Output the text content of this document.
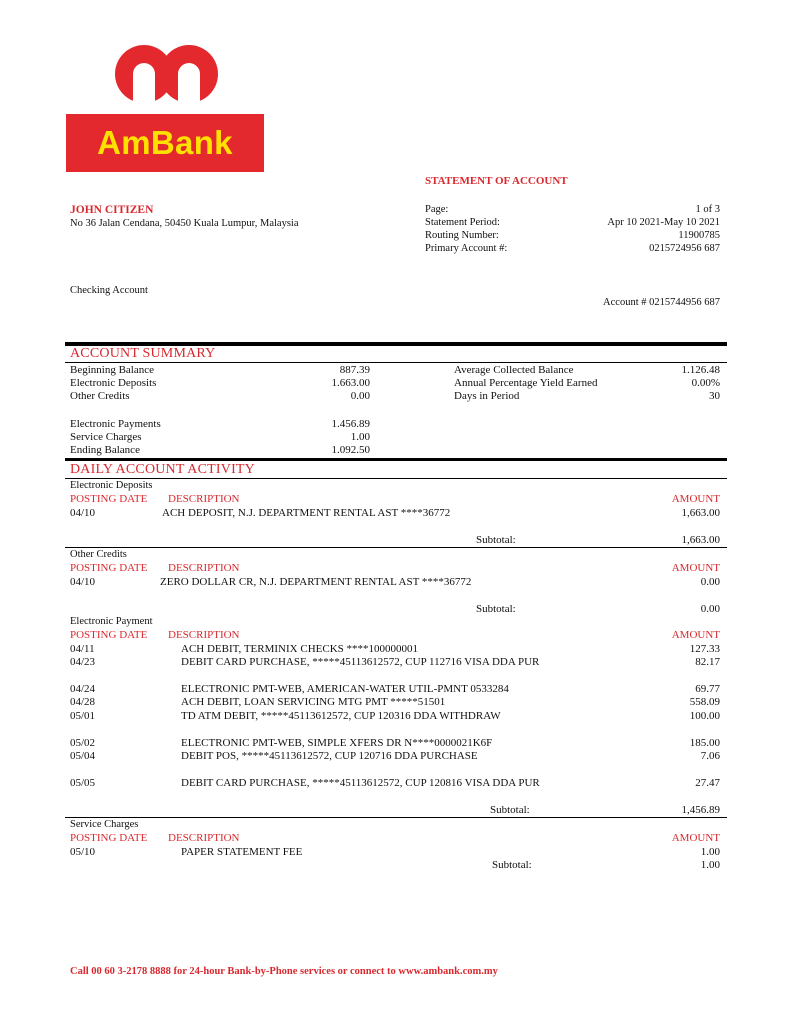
AmBank
STATEMENT OF ACCOUNT
JOHN CITIZEN
No 36 Jalan Cendana, 50450 Kuala Lumpur, Malaysia
Page:	1 of 3
Statement Period:	Apr 10 2021-May 10 2021
Routing Number:	11900785
Primary Account #:	0215724956 687
Checking Account
Account # 0215744956 687
ACCOUNT SUMMARY
Beginning Balance	887.39
Electronic Deposits	1.663.00
Other Credits	0.00
Electronic Payments	1.456.89
Service Charges	1.00
Ending Balance	1.092.50
Average Collected Balance	1.126.48
Annual Percentage Yield Earned	0.00%
Days in Period	30
DAILY ACCOUNT ACTIVITY
Electronic Deposits
POSTING DATE DESCRIPTION	AMOUNT
04/10	ACH DEPOSIT, N.J. DEPARTMENT RENTAL AST ****36772	1,663.00
Subtotal:	1,663.00
Other Credits
POSTING DATE DESCRIPTION	AMOUNT
04/10	ZERO DOLLAR CR, N.J. DEPARTMENT RENTAL AST ****36772	0.00
Subtotal:	0.00
Electronic Payment
POSTING DATE DESCRIPTION	AMOUNT
04/11	ACH DEBIT, TERMINIX CHECKS ****100000001	127.33
04/23	DEBIT CARD PURCHASE, *****45113612572, CUP 112716 VISA DDA PUR	82.17
04/24	ELECTRONIC PMT-WEB, AMERICAN-WATER UTIL-PMNT 0533284	69.77
04/28	ACH DEBIT, LOAN SERVICING MTG PMT *****51501	558.09
05/01	TD ATM DEBIT, *****45113612572, CUP 120316 DDA WITHDRAW	100.00
05/02	ELECTRONIC PMT-WEB, SIMPLE XFERS DR N****0000021K6F	185.00
05/04	DEBIT POS, *****45113612572, CUP 120716 DDA PURCHASE	7.06
05/05	DEBIT CARD PURCHASE, *****45113612572, CUP 120816 VISA DDA PUR	27.47
Subtotal:	1,456.89
Service Charges
POSTING DATE DESCRIPTION	AMOUNT
05/10	PAPER STATEMENT FEE	1.00
Subtotal:	1.00
Call 00 60 3-2178 8888 for 24-hour Bank-by-Phone services or connect to www.ambank.com.my
